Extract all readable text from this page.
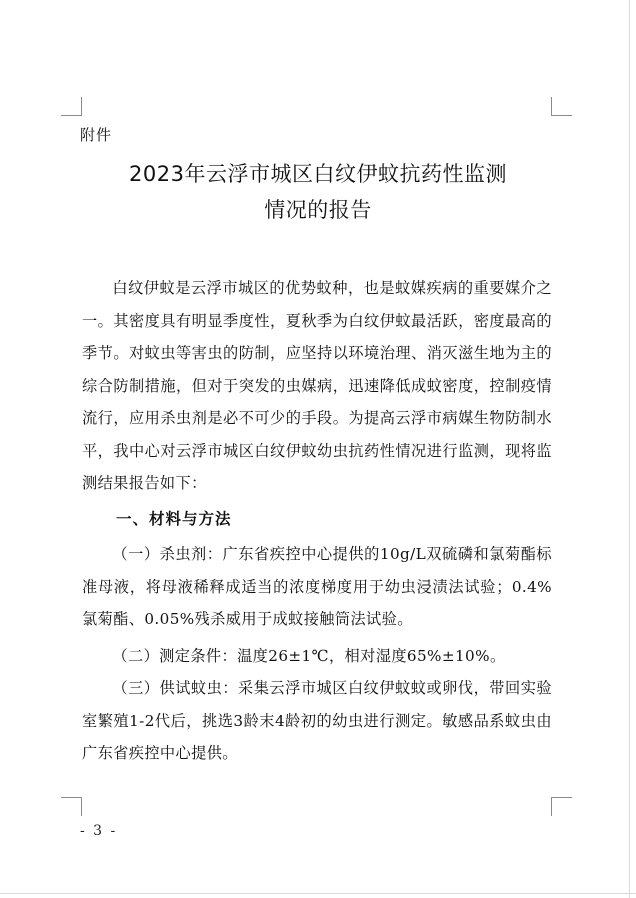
附件
2023年云浮市城区白纹伊蚊抗药性监测
情况的报告
白纹伊蚊是云浮市城区的优势蚊种，也是蚊媒疾病的重要媒介之一。其密度具有明显季度性，夏秋季为白纹伊蚊最活跃，密度最高的季节。对蚊虫等害虫的防制，应坚持以环境治理、消灭滋生地为主的综合防制措施，但对于突发的虫媒病，迅速降低成蚊密度，控制疫情流行，应用杀虫剂是必不可少的手段。为提高云浮市病媒生物防制水平，我中心对云浮市城区白纹伊蚊幼虫抗药性情况进行监测，现将监测结果报告如下：
一、材料与方法
（一）杀虫剂：广东省疾控中心提供的10g/L双硫磷和氯菊酯标准母液，将母液稀释成适当的浓度梯度用于幼虫浸渍法试验；0.4%氯菊酯、0.05%残杀威用于成蚊接触筒法试验。
（二）测定条件：温度26±1℃，相对湿度65%±10%。
（三）供试蚊虫：采集云浮市城区白纹伊蚊蚊或卵伐，带回实验室繁殖1-2代后，挑选3龄末4龄初的幼虫进行测定。敏感品系蚊虫由广东省疾控中心提供。
- 3 -
